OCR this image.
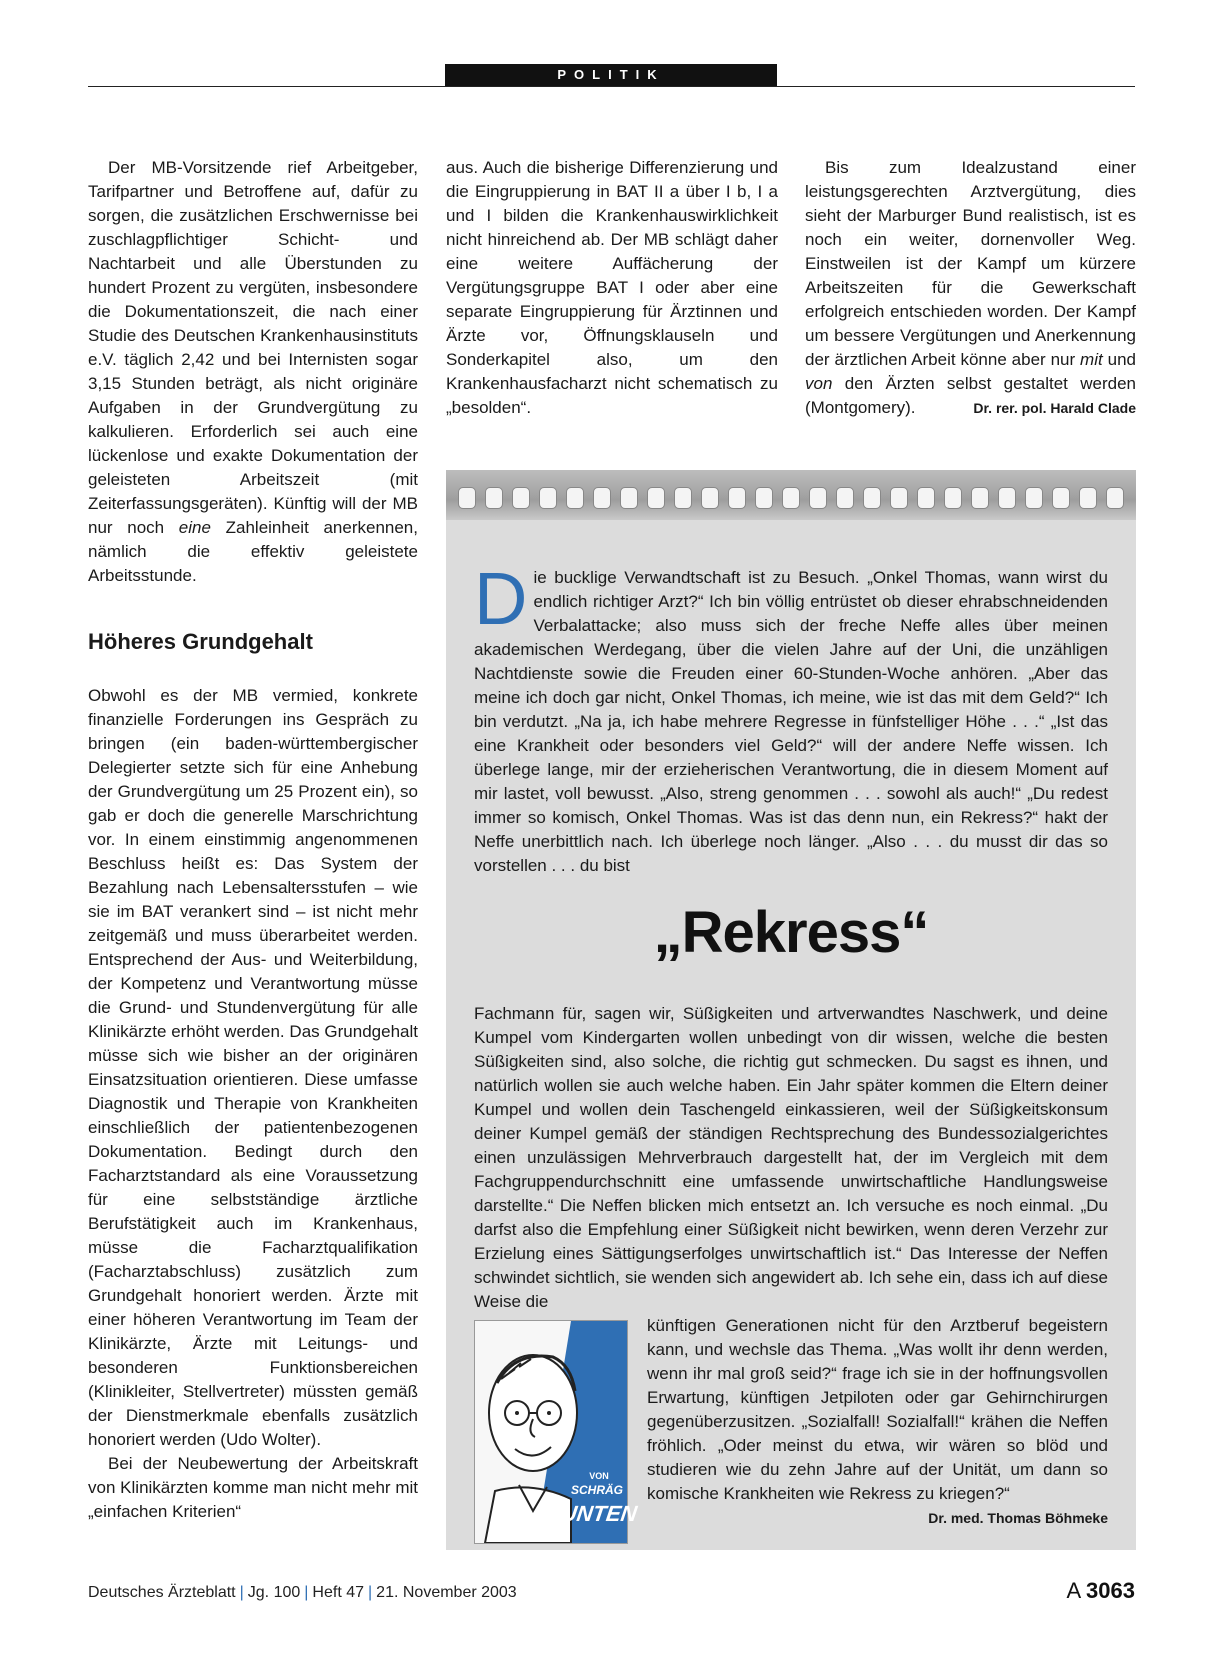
POLITIK

Der MB-Vorsitzende rief Arbeitgeber, Tarifpartner und Betroffene auf, dafür zu sorgen, die zusätzlichen Erschwernisse bei zuschlagpflichtiger Schicht- und Nachtarbeit und alle Überstunden zu hundert Prozent zu vergüten, insbesondere die Dokumentationszeit, die nach einer Studie des Deutschen Krankenhausinstituts e.V. täglich 2,42 und bei Internisten sogar 3,15 Stunden beträgt, als nicht originäre Aufgaben in der Grundvergütung zu kalkulieren. Erforderlich sei auch eine lückenlose und exakte Dokumentation der geleisteten Arbeitszeit (mit Zeiterfassungsgeräten). Künftig will der MB nur noch eine Zahleinheit anerkennen, nämlich die effektiv geleistete Arbeitsstunde.

Höheres Grundgehalt

Obwohl es der MB vermied, konkrete finanzielle Forderungen ins Gespräch zu bringen (ein baden-württembergischer Delegierter setzte sich für eine Anhebung der Grundvergütung um 25 Prozent ein), so gab er doch die generelle Marschrichtung vor. In einem einstimmig angenommenen Beschluss heißt es: Das System der Bezahlung nach Lebensaltersstufen – wie sie im BAT verankert sind – ist nicht mehr zeitgemäß und muss überarbeitet werden. Entsprechend der Aus- und Weiterbildung, der Kompetenz und Verantwortung müsse die Grund- und Stundenvergütung für alle Klinikärzte erhöht werden. Das Grundgehalt müsse sich wie bisher an der originären Einsatzsituation orientieren. Diese umfasse Diagnostik und Therapie von Krankheiten einschließlich der patientenbezogenen Dokumentation. Bedingt durch den Facharztstandard als eine Voraussetzung für eine selbstständige ärztliche Berufstätigkeit auch im Krankenhaus, müsse die Facharztqualifikation (Facharztabschluss) zusätzlich zum Grundgehalt honoriert werden. Ärzte mit einer höheren Verantwortung im Team der Klinikärzte, Ärzte mit Leitungs- und besonderen Funktionsbereichen (Klinikleiter, Stellvertreter) müssten gemäß der Dienstmerkmale ebenfalls zusätzlich honoriert werden (Udo Wolter).

Bei der Neubewertung der Arbeitskraft von Klinikärzten komme man nicht mehr mit „einfachen Kriterien“

aus. Auch die bisherige Differenzierung und die Eingruppierung in BAT II a über I b, I a und I bilden die Krankenhauswirklichkeit nicht hinreichend ab. Der MB schlägt daher eine weitere Auffächerung der Vergütungsgruppe BAT I oder aber eine separate Eingruppierung für Ärztinnen und Ärzte vor, Öffnungsklauseln und Sonderkapitel also, um den Krankenhausfacharzt nicht schematisch zu „besolden“.

Bis zum Idealzustand einer leistungsgerechten Arztvergütung, dies sieht der Marburger Bund realistisch, ist es noch ein weiter, dornenvoller Weg. Einstweilen ist der Kampf um kürzere Arbeitszeiten für die Gewerkschaft erfolgreich entschieden worden. Der Kampf um bessere Vergütungen und Anerkennung der ärztlichen Arbeit könne aber nur mit und von den Ärzten selbst gestaltet werden (Montgomery).	Dr. rer. pol. Harald Clade

Die bucklige Verwandtschaft ist zu Besuch. „Onkel Thomas, wann wirst du endlich richtiger Arzt?“ Ich bin völlig entrüstet ob dieser ehrabschneidenden Verbalattacke; also muss sich der freche Neffe alles über meinen akademischen Werdegang, über die vielen Jahre auf der Uni, die unzähligen Nachtdienste sowie die Freuden einer 60-Stunden-Woche anhören. „Aber das meine ich doch gar nicht, Onkel Thomas, ich meine, wie ist das mit dem Geld?“ Ich bin verdutzt. „Na ja, ich habe mehrere Regresse in fünfstelliger Höhe . . .“ „Ist das eine Krankheit oder besonders viel Geld?“ will der andere Neffe wissen. Ich überlege lange, mir der erzieherischen Verantwortung, die in diesem Moment auf mir lastet, voll bewusst. „Also, streng genommen . . . sowohl als auch!“ „Du redest immer so komisch, Onkel Thomas. Was ist das denn nun, ein Rekress?“ hakt der Neffe unerbittlich nach. Ich überlege noch länger. „Also . . . du musst dir das so vorstellen . . . du bist

„Rekress“

Fachmann für, sagen wir, Süßigkeiten und artverwandtes Naschwerk, und deine Kumpel vom Kindergarten wollen unbedingt von dir wissen, welche die besten Süßigkeiten sind, also solche, die richtig gut schmecken. Du sagst es ihnen, und natürlich wollen sie auch welche haben. Ein Jahr später kommen die Eltern deiner Kumpel und wollen dein Taschengeld einkassieren, weil der Süßigkeitskonsum deiner Kumpel gemäß der ständigen Rechtsprechung des Bundessozialgerichtes einen unzulässigen Mehrverbrauch dargestellt hat, der im Vergleich mit dem Fachgruppendurchschnitt eine umfassende unwirtschaftliche Handlungsweise darstellte.“ Die Neffen blicken mich entsetzt an. Ich versuche es noch einmal. „Du darfst also die Empfehlung einer Süßigkeit nicht bewirken, wenn deren Verzehr zur Erzielung eines Sättigungserfolges unwirtschaftlich ist.“ Das Interesse der Neffen schwindet sichtlich, sie wenden sich angewidert ab. Ich sehe ein, dass ich auf diese Weise die

VON
SCHRÄG
UNTEN

künftigen Generationen nicht für den Arztberuf begeistern kann, und wechsle das Thema. „Was wollt ihr denn werden, wenn ihr mal groß seid?“ frage ich sie in der hoffnungsvollen Erwartung, künftigen Jetpiloten oder gar Gehirnchirurgen gegenüberzusitzen. „Sozialfall! Sozialfall!“ krähen die Neffen fröhlich. „Oder meinst du etwa, wir wären so blöd und studieren wie du zehn Jahre auf der Unität, um dann so komische Krankheiten wie Rekress zu kriegen?“
Dr. med. Thomas Böhmeke

Deutsches Ärzteblatt | Jg. 100 | Heft 47 | 21. November 2003	A 3063
